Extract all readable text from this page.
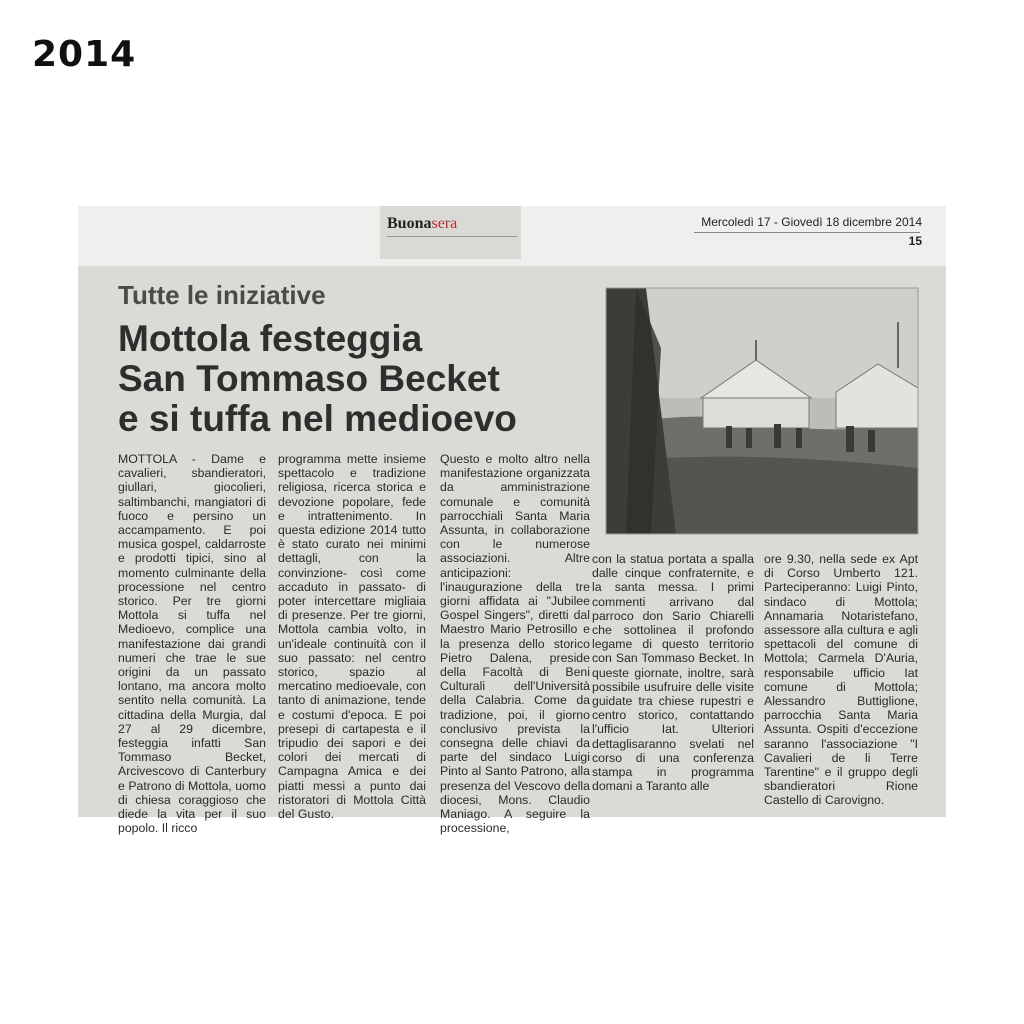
2014
Buonasera	Mercoledì 17 - Giovedì 18 dicembre 2014
15
Tutte le iniziative
Mottola festeggia
San Tommaso Becket
e si tuffa nel medioevo

MOTTOLA - Dame e cavalieri, sbandieratori, giullari, giocolieri, saltimbanchi, mangiatori di fuoco e persino un accampamento. E poi musica gospel, caldarroste e prodotti tipici, sino al momento culminante della processione nel centro storico. Per tre giorni Mottola si tuffa nel Medioevo, complice una manifestazione dai grandi numeri che trae le sue origini da un passato lontano, ma ancora molto sentito nella comunità. La cittadina della Murgia, dal 27 al 29 dicembre, festeggia infatti San Tommaso Becket, Arcivescovo di Canterbury e Patrono di Mottola, uomo di chiesa coraggioso che diede la vita per il suo popolo. Il ricco

programma mette insieme spettacolo e tradizione religiosa, ricerca storica e devozione popolare, fede e intrattenimento. In questa edizione 2014 tutto è stato curato nei minimi dettagli, con la convinzione- così come accaduto in passato- di poter intercettare migliaia di presenze. Per tre giorni, Mottola cambia volto, in un'ideale continuità con il suo passato: nel centro storico, spazio al mercatino medioevale, con tanto di animazione, tende e costumi d'epoca. E poi presepi di cartapesta e il tripudio dei sapori e dei colori dei mercati di Campagna Amica e dei piatti messi a punto dai ristoratori di Mottola Città del Gusto.

Questo e molto altro nella manifestazione organizzata da amministrazione comunale e comunità parrocchiali Santa Maria Assunta, in collaborazione con le numerose associazioni. Altre anticipazioni: l'inaugurazione della tre giorni affidata ai "Jubilee Gospel Singers", diretti dal Maestro Mario Petrosillo e la presenza dello storico Pietro Dalena, preside della Facoltà di Beni Culturali dell'Università della Calabria. Come da tradizione, poi, il giorno conclusivo prevista la consegna delle chiavi da parte del sindaco Luigi Pinto al Santo Patrono, alla presenza del Vescovo della diocesi, Mons. Claudio Maniago. A seguire la processione,

con la statua portata a spalla dalle cinque confraternite, e la santa messa. I primi commenti arrivano dal parroco don Sario Chiarelli che sottolinea il profondo legame di questo territorio con San Tommaso Becket. In queste giornate, inoltre, sarà possibile usufruire delle visite guidate tra chiese rupestri e centro storico, contattando l'ufficio Iat. Ulteriori dettaglisaranno svelati nel corso di una conferenza stampa in programma domani a Taranto alle

ore 9.30, nella sede ex Apt di Corso Umberto 121. Parteciperanno: Luigi Pinto, sindaco di Mottola; Annamaria Notaristefano, assessore alla cultura e agli spettacoli del comune di Mottola; Carmela D'Auria, responsabile ufficio Iat comune di Mottola; Alessandro Buttiglione, parrocchia Santa Maria Assunta. Ospiti d'eccezione saranno l'associazione "I Cavalieri de li Terre Tarentine" e il gruppo degli sbandieratori Rione Castello di Carovigno.
